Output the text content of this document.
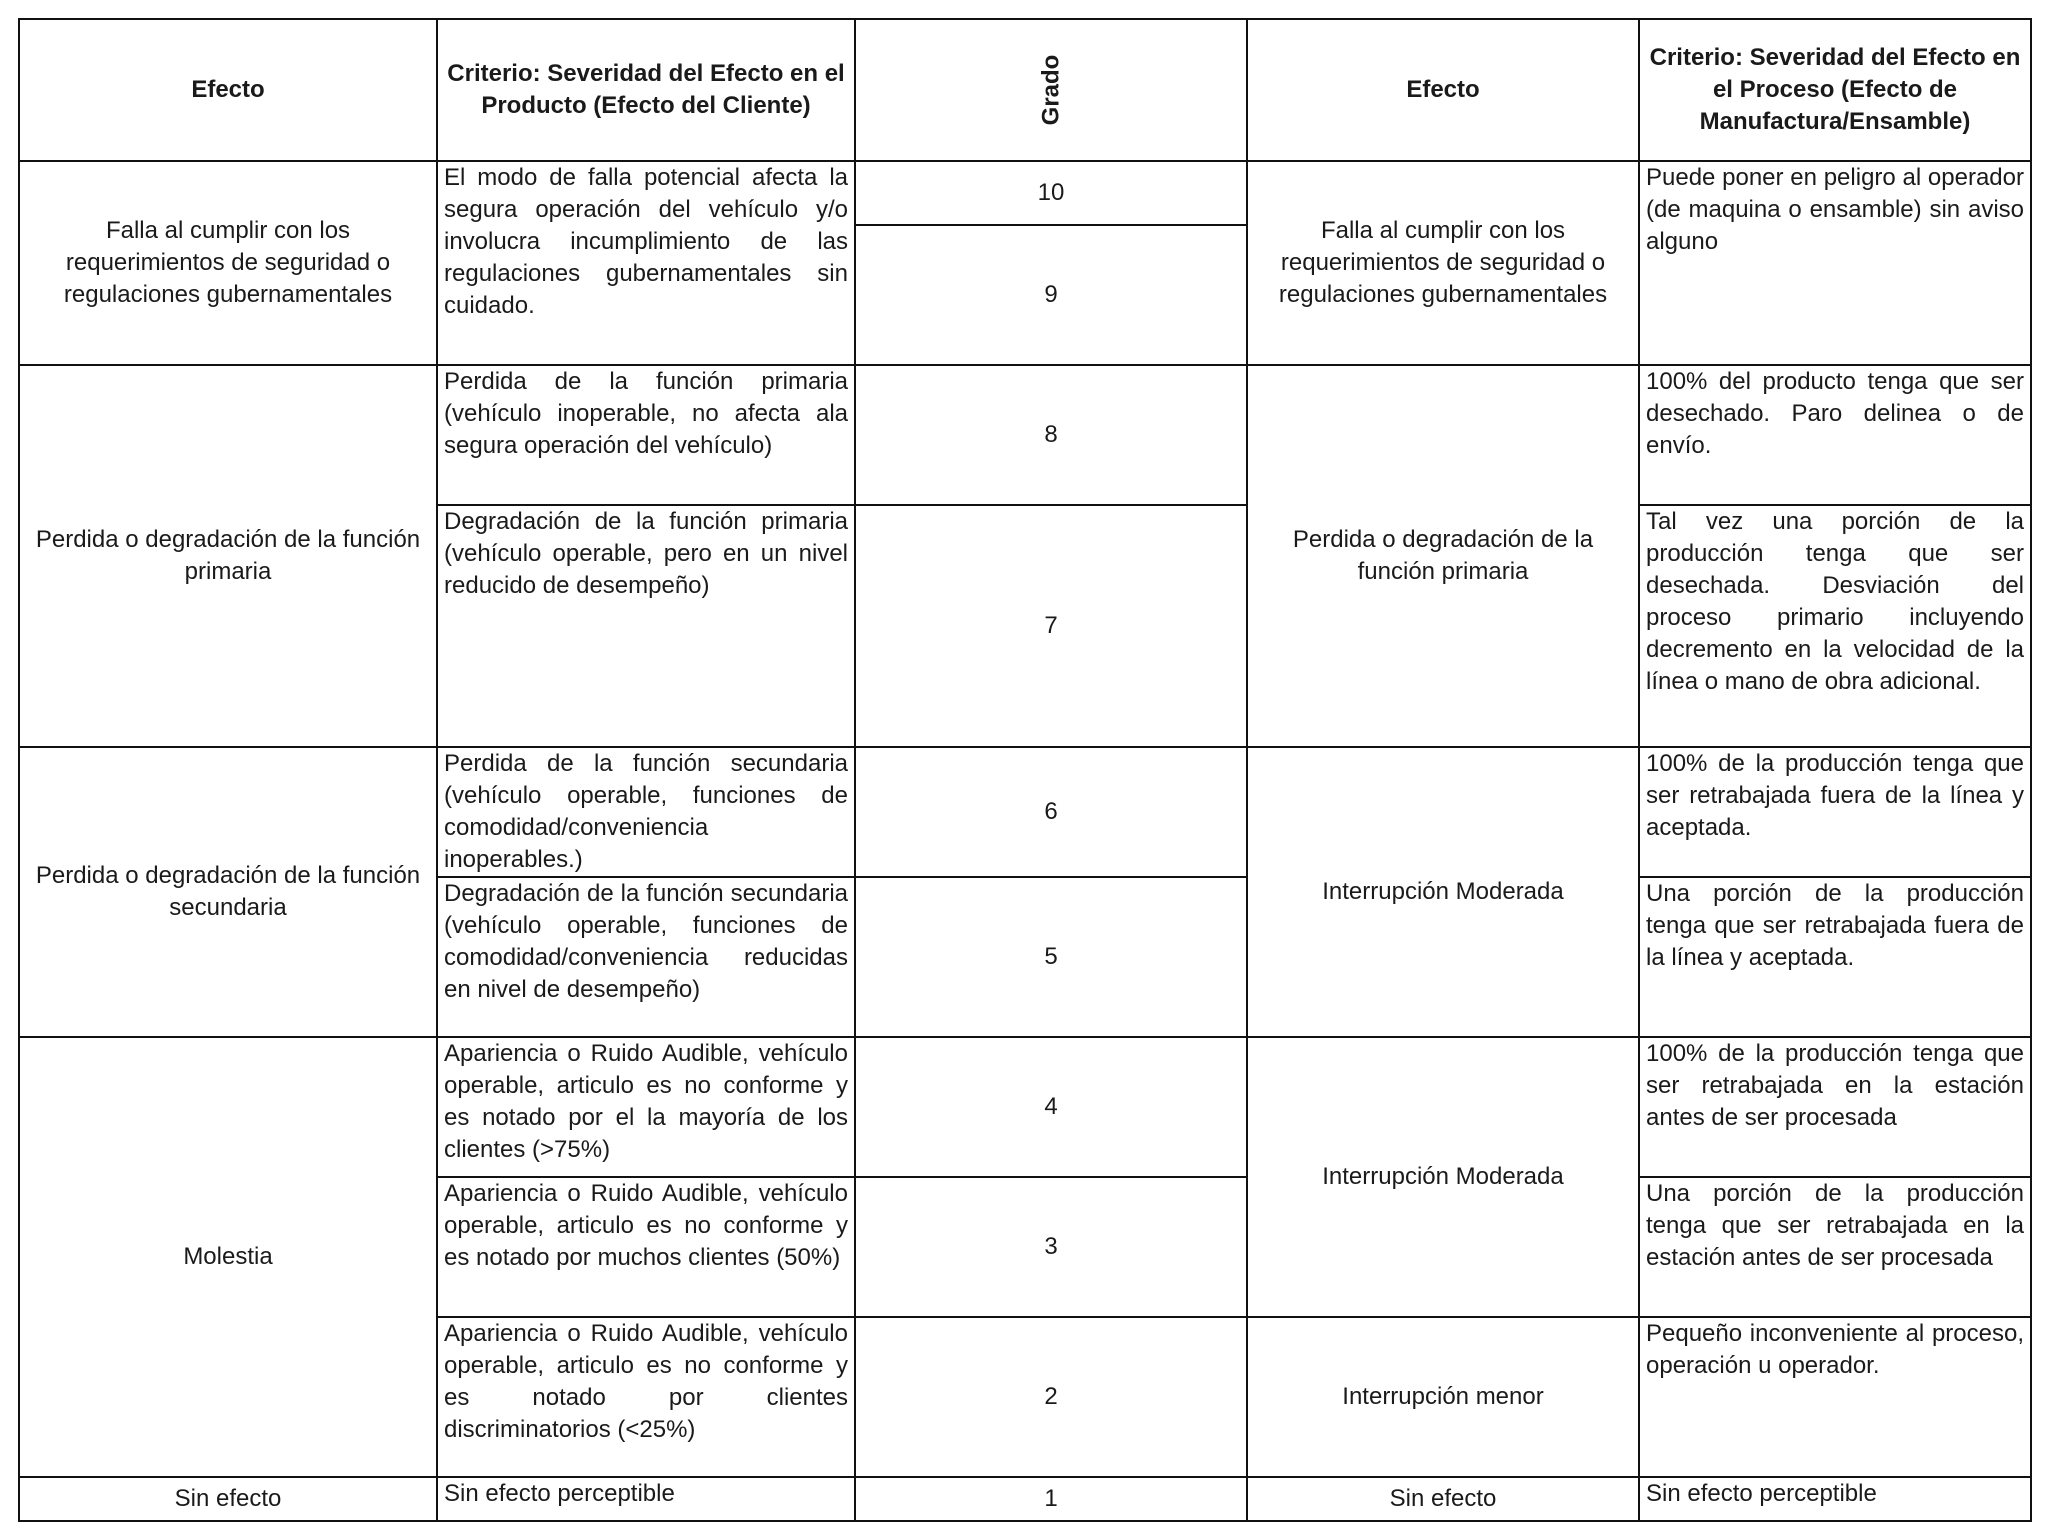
Efecto	Criterio: Severidad del Efecto en el Producto (Efecto del Cliente)	Grado	Efecto	Criterio: Severidad del Efecto en el Proceso (Efecto de Manufactura/Ensamble)
Falla al cumplir con los requerimientos de seguridad o regulaciones gubernamentales	El modo de falla potencial afecta la segura operación del vehículo y/o involucra incumplimiento de las regulaciones gubernamentales sin cuidado.	10	Falla al cumplir con los requerimientos de seguridad o regulaciones gubernamentales	Puede poner en peligro al operador (de maquina o ensamble) sin aviso alguno
		9		
Perdida o degradación de la función primaria	Perdida de la función primaria (vehículo inoperable, no afecta ala segura operación del vehículo)	8	Perdida o degradación de la función primaria	100% del producto tenga que ser desechado. Paro delinea o de envío.
	Degradación de la función primaria (vehículo operable, pero en un nivel reducido de desempeño)	7		Tal vez una porción de la producción tenga que ser desechada. Desviación del proceso primario incluyendo decremento en la velocidad de la línea o mano de obra adicional.
Perdida o degradación de la función secundaria	Perdida de la función secundaria (vehículo operable, funciones de comodidad/conveniencia inoperables.)	6	Interrupción Moderada	100% de la producción tenga que ser retrabajada fuera de la línea y aceptada.
	Degradación de la función secundaria (vehículo operable, funciones de comodidad/conveniencia reducidas en nivel de desempeño)	5		Una porción de la producción tenga que ser retrabajada fuera de la línea y aceptada.
Molestia	Apariencia o Ruido Audible, vehículo operable, articulo es no conforme y es notado por el la mayoría de los clientes (>75%)	4	Interrupción Moderada	100% de la producción tenga que ser retrabajada en la estación antes de ser procesada
	Apariencia o Ruido Audible, vehículo operable, articulo es no conforme y es notado por muchos clientes (50%)	3		Una porción de la producción tenga que ser retrabajada en la estación antes de ser procesada
	Apariencia o Ruido Audible, vehículo operable, articulo es no conforme y es notado por clientes discriminatorios (<25%)	2	Interrupción menor	Pequeño inconveniente al proceso, operación u operador.
Sin efecto	Sin efecto perceptible	1	Sin efecto	Sin efecto perceptible
